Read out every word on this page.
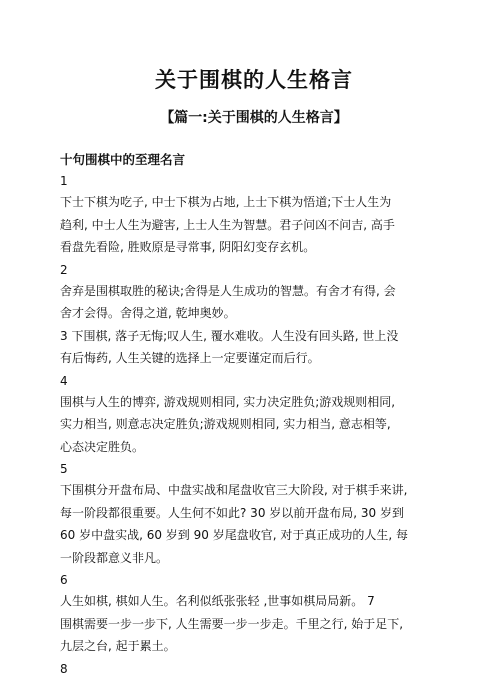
关于围棋的人生格言
【篇一:关于围棋的人生格言】
十句围棋中的至理名言
1
下士下棋为吃子, 中士下棋为占地, 上士下棋为悟道;下士人生为
趋利, 中士人生为避害, 上士人生为智慧。君子问凶不问吉, 高手
看盘先看险, 胜败原是寻常事, 阴阳幻变存玄机。
2
舍弃是围棋取胜的秘诀;舍得是人生成功的智慧。有舍才有得, 会
舍才会得。舍得之道, 乾坤奥妙。
3 下围棋, 落子无悔;叹人生, 覆水难收。人生没有回头路, 世上没
有后悔药, 人生关键的选择上一定要谨定而后行。
4
围棋与人生的博弈, 游戏规则相同, 实力决定胜负;游戏规则相同,
实力相当, 则意志决定胜负;游戏规则相同, 实力相当, 意志相等,
心态决定胜负。
5
下围棋分开盘布局、中盘实战和尾盘收官三大阶段, 对于棋手来讲,
每一阶段都很重要。人生何不如此? 30 岁以前开盘布局, 30 岁到
60 岁中盘实战, 60 岁到 90 岁尾盘收官, 对于真正成功的人生, 每
一阶段都意义非凡。
6
人生如棋, 棋如人生。名利似纸张张轻 ,世事如棋局局新。 7
围棋需要一步一步下, 人生需要一步一步走。千里之行, 始于足下,
九层之台, 起于累土。
8
